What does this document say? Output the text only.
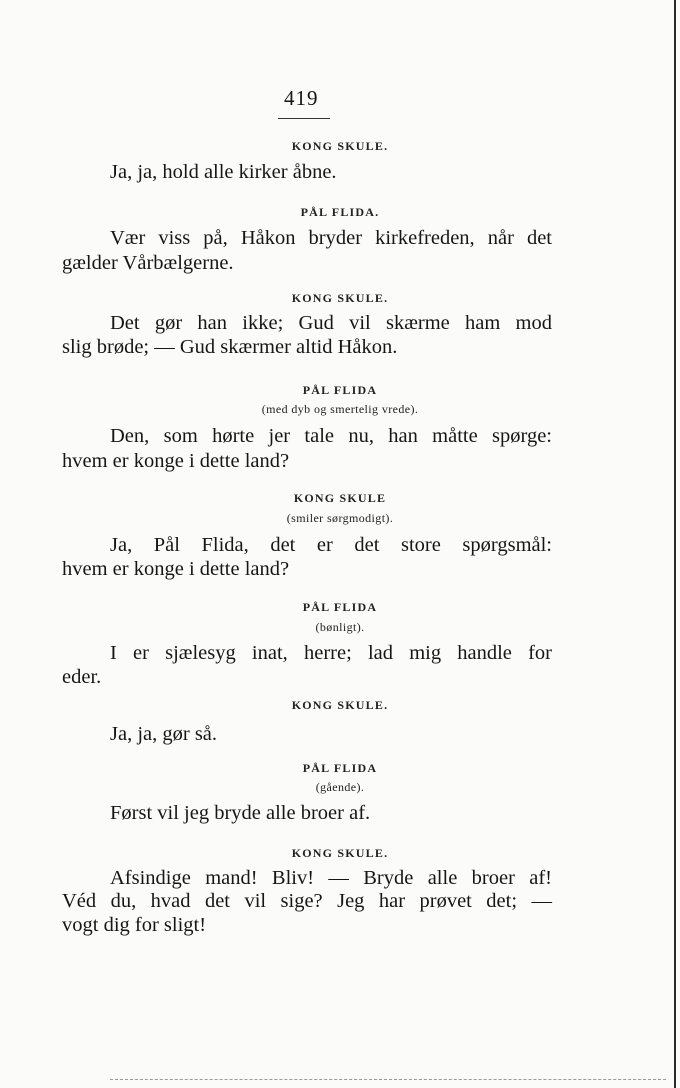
419
KONG SKULE.
Ja, ja, hold alle kirker åbne.
PÅL FLIDA.
Vær viss på, Håkon bryder kirkefreden, når det
gælder Vårbælgerne.
KONG SKULE.
Det gør han ikke; Gud vil skærme ham mod
slig brøde; — Gud skærmer altid Håkon.
PÅL FLIDA
(med dyb og smertelig vrede).
Den, som hørte jer tale nu, han måtte spørge:
hvem er konge i dette land?
KONG SKULE
(smiler sørgmodigt).
Ja, Pål Flida, det er det store spørgsmål:
hvem er konge i dette land?
PÅL FLIDA
(bønligt).
I er sjælesyg inat, herre; lad mig handle for
eder.
KONG SKULE.
Ja, ja, gør så.
PÅL FLIDA
(gående).
Først vil jeg bryde alle broer af.
KONG SKULE.
Afsindige mand! Bliv! — Bryde alle broer af!
Véd du, hvad det vil sige? Jeg har prøvet det; —
vogt dig for sligt!
